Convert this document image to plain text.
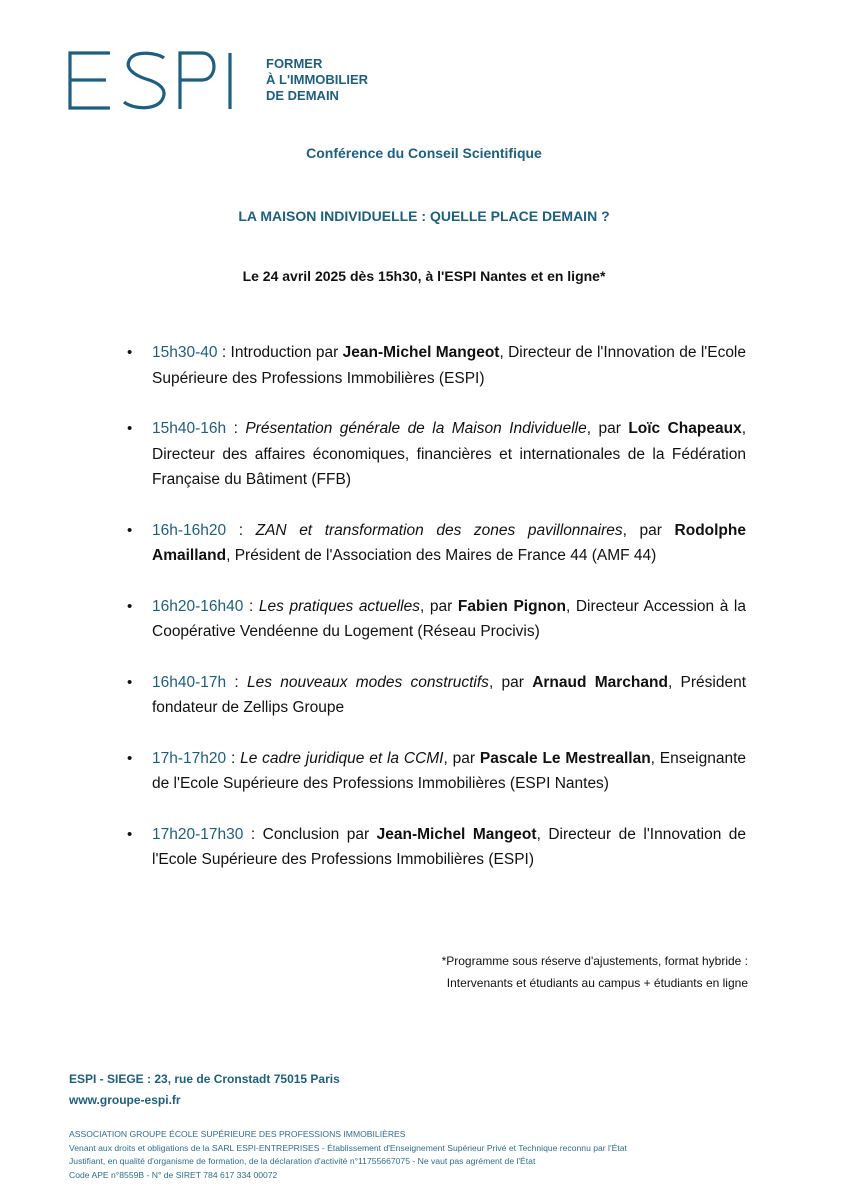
FORMER
À L'IMMOBILIER
DE DEMAIN
Conférence du Conseil Scientifique
LA MAISON INDIVIDUELLE : QUELLE PLACE DEMAIN ?
Le 24 avril 2025 dès 15h30, à l'ESPI Nantes et en ligne*
• 15h30-40 : Introduction par Jean-Michel Mangeot, Directeur de l'Innovation de l'Ecole Supérieure des Professions Immobilières (ESPI)
• 15h40-16h : Présentation générale de la Maison Individuelle, par Loïc Chapeaux, Directeur des affaires économiques, financières et internationales de la Fédération Française du Bâtiment (FFB)
• 16h-16h20 : ZAN et transformation des zones pavillonnaires, par Rodolphe Amailland, Président de l'Association des Maires de France 44 (AMF 44)
• 16h20-16h40 : Les pratiques actuelles, par Fabien Pignon, Directeur Accession à la Coopérative Vendéenne du Logement (Réseau Procivis)
• 16h40-17h : Les nouveaux modes constructifs, par Arnaud Marchand, Président fondateur de Zellips Groupe
• 17h-17h20 : Le cadre juridique et la CCMI, par Pascale Le Mestreallan, Enseignante de l'Ecole Supérieure des Professions Immobilières (ESPI Nantes)
• 17h20-17h30 : Conclusion par Jean-Michel Mangeot, Directeur de l'Innovation de l'Ecole Supérieure des Professions Immobilières (ESPI)
*Programme sous réserve d'ajustements, format hybride :
Intervenants et étudiants au campus + étudiants en ligne
ESPI - SIEGE : 23, rue de Cronstadt 75015 Paris
www.groupe-espi.fr
ASSOCIATION GROUPE ÉCOLE SUPÉRIEURE DES PROFESSIONS IMMOBILIÈRES
Venant aux droits et obligations de la SARL ESPI-ENTREPRISES - Établissement d'Enseignement Supérieur Privé et Technique reconnu par l'État
Justifiant, en qualité d'organisme de formation, de la déclaration d'activité n°11755667075 - Ne vaut pas agrément de l'État
Code APE n°8559B - N° de SIRET 784 617 334 00072
